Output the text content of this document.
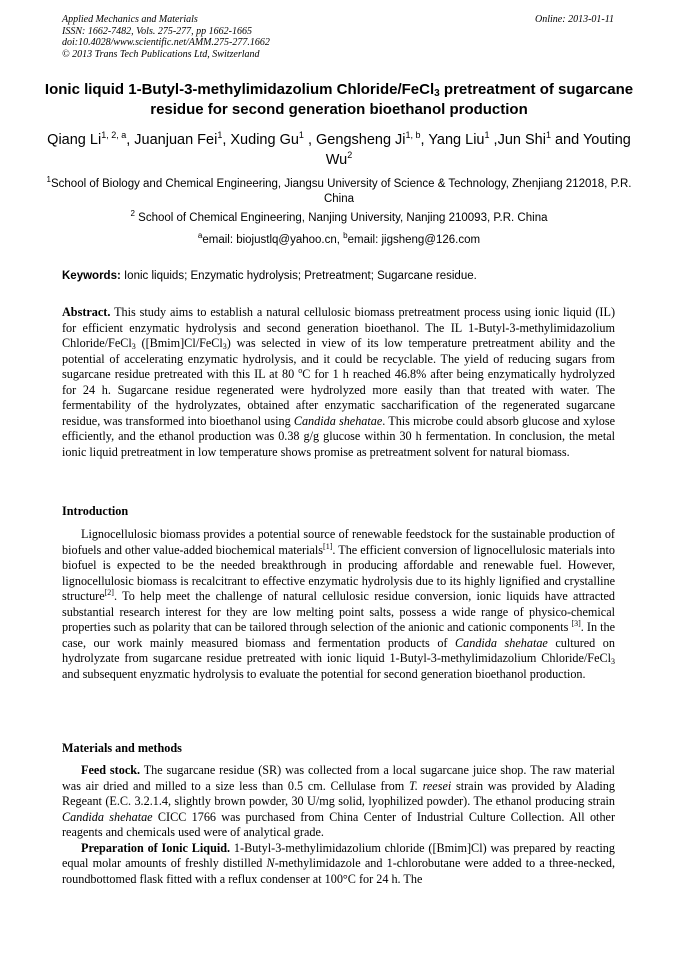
Applied Mechanics and Materials
ISSN: 1662-7482, Vols. 275-277, pp 1662-1665
doi:10.4028/www.scientific.net/AMM.275-277.1662
© 2013 Trans Tech Publications Ltd, Switzerland
Online: 2013-01-11
Ionic liquid 1-Butyl-3-methylimidazolium Chloride/FeCl$_3$ pretreatment of sugarcane residue for second generation bioethanol production
Qiang Li$^{1, 2, a}$, Juanjuan Fei$^1$, Xuding Gu$^1$ , Gengsheng Ji$^{1, b}$, Yang Liu$^1$ ,Jun Shi$^1$ and Youting Wu$^2$
$^1$School of Biology and Chemical Engineering, Jiangsu University of Science & Technology, Zhenjiang 212018, P.R. China
$^2$ School of Chemical Engineering, Nanjing University, Nanjing 210093, P.R. China
$^a$email: biojustlq@yahoo.cn, $^b$email: jigsheng@126.com
Keywords: Ionic liquids; Enzymatic hydrolysis; Pretreatment; Sugarcane residue.

Abstract. This study aims to establish a natural cellulosic biomass pretreatment process using ionic liquid (IL) for efficient enzymatic hydrolysis and second generation bioethanol. The IL 1-Butyl-3-methylimidazolium Chloride/FeCl$_3$ ([Bmim]Cl/FeCl$_3$) was selected in view of its low temperature pretreatment ability and the potential of accelerating enzymatic hydrolysis, and it could be recyclable. The yield of reducing sugars from sugarcane residue pretreated with this IL at 80 $^o$C for 1 h reached 46.8% after being enzymatically hydrolyzed for 24 h. Sugarcane residue regenerated were hydrolyzed more easily than that treated with water. The fermentability of the hydrolyzates, obtained after enzymatic saccharification of the regenerated sugarcane residue, was transformed into bioethanol using Candida shehatae. This microbe could absorb glucose and xylose efficiently, and the ethanol production was 0.38 g/g glucose within 30 h fermentation. In conclusion, the metal ionic liquid pretreatment in low temperature shows promise as pretreatment solvent for natural biomass.

Introduction

Lignocellulosic biomass provides a potential source of renewable feedstock for the sustainable production of biofuels and other value-added biochemical materials[1]. The efficient conversion of lignocellulosic materials into biofuel is expected to be the needed breakthrough in producing affordable and renewable fuel. However, lignocellulosic biomass is recalcitrant to effective enzymatic hydrolysis due to its highly lignified and crystalline structure[2]. To help meet the challenge of natural cellulosic residue conversion, ionic liquids have attracted substantial research interest for they are low melting point salts, possess a wide range of physico-chemical properties such as polarity that can be tailored through selection of the anionic and cationic components [3]. In the case, our work mainly measured biomass and fermentation products of Candida shehatae cultured on hydrolyzate from sugarcane residue pretreated with ionic liquid 1-Butyl-3-methylimidazolium Chloride/FeCl$_3$ and subsequent enyzmatic hydrolysis to evaluate the potential for second generation bioethanol production.

Materials and methods

Feed stock. The sugarcane residue (SR) was collected from a local sugarcane juice shop. The raw material was air dried and milled to a size less than 0.5 cm. Cellulase from T. reesei strain was provided by Alading Regeant (E.C. 3.2.1.4, slightly brown powder, 30 U/mg solid, lyophilized powder). The ethanol producing strain Candida shehatae CICC 1766 was purchased from China Center of Industrial Culture Collection. All other reagents and chemicals used were of analytical grade.

Preparation of Ionic Liquid. 1-Butyl-3-methylimidazolium chloride ([Bmim]Cl) was prepared by reacting equal molar amounts of freshly distilled N-methylimidazole and 1-chlorobutane were added to a three-necked, roundbottomed flask fitted with a reflux condenser at 100°C for 24 h. The
